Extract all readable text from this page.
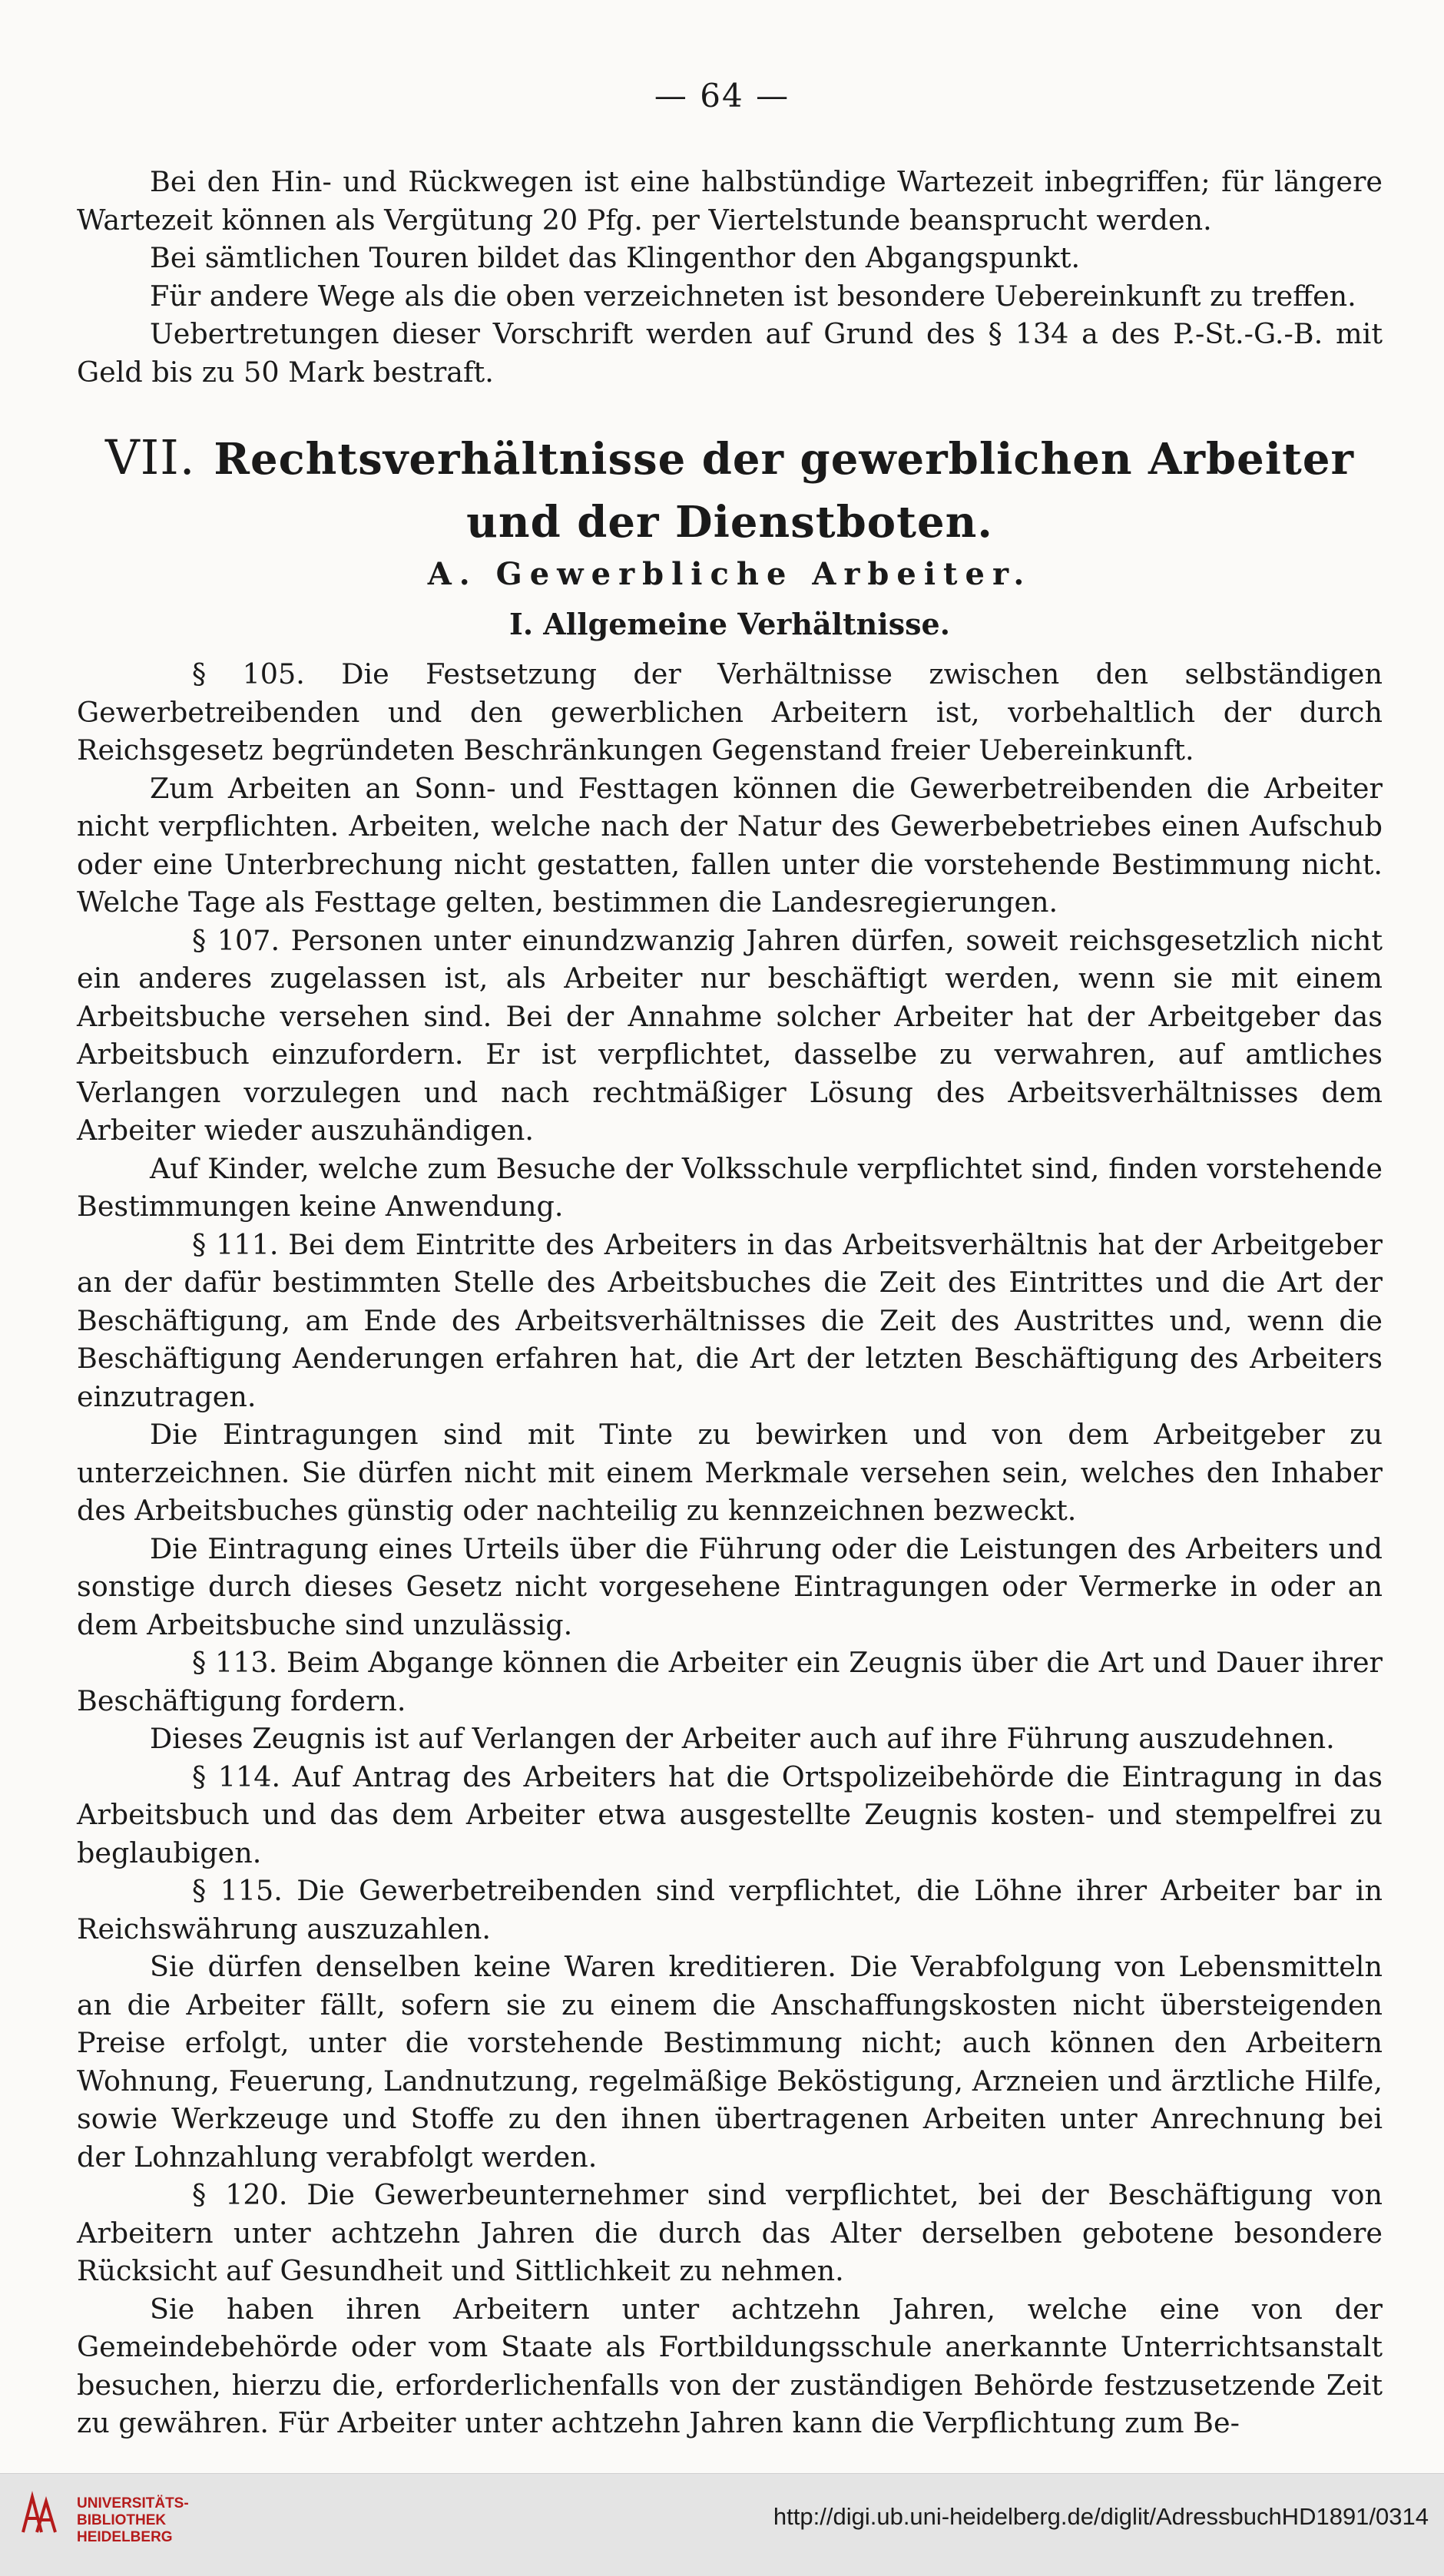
— 64 —

Bei den Hin- und Rückwegen ist eine halbstündige Wartezeit inbegriffen; für längere Wartezeit können als Vergütung 20 Pfg. per Viertelstunde beansprucht werden.

Bei sämtlichen Touren bildet das Klingenthor den Abgangspunkt.

Für andere Wege als die oben verzeichneten ist besondere Uebereinkunft zu treffen.

Uebertretungen dieser Vorschrift werden auf Grund des § 134 a des P.-St.-G.-B. mit Geld bis zu 50 Mark bestraft.

VII. Rechtsverhältnisse der gewerblichen Arbeiter und der Dienstboten.
A. Gewerbliche Arbeiter.
I. Allgemeine Verhältnisse.

§ 105. Die Festsetzung der Verhältnisse zwischen den selbständigen Gewerbetreibenden und den gewerblichen Arbeitern ist, vorbehaltlich der durch Reichsgesetz begründeten Beschränkungen Gegenstand freier Uebereinkunft.

Zum Arbeiten an Sonn- und Festtagen können die Gewerbetreibenden die Arbeiter nicht verpflichten. Arbeiten, welche nach der Natur des Gewerbebetriebes einen Aufschub oder eine Unterbrechung nicht gestatten, fallen unter die vorstehende Bestimmung nicht. Welche Tage als Festtage gelten, bestimmen die Landesregierungen.

§ 107. Personen unter einundzwanzig Jahren dürfen, soweit reichsgesetzlich nicht ein anderes zugelassen ist, als Arbeiter nur beschäftigt werden, wenn sie mit einem Arbeitsbuche versehen sind. Bei der Annahme solcher Arbeiter hat der Arbeitgeber das Arbeitsbuch einzufordern. Er ist verpflichtet, dasselbe zu verwahren, auf amtliches Verlangen vorzulegen und nach rechtmäßiger Lösung des Arbeitsverhältnisses dem Arbeiter wieder auszuhändigen.

Auf Kinder, welche zum Besuche der Volksschule verpflichtet sind, finden vorstehende Bestimmungen keine Anwendung.

§ 111. Bei dem Eintritte des Arbeiters in das Arbeitsverhältnis hat der Arbeitgeber an der dafür bestimmten Stelle des Arbeitsbuches die Zeit des Eintrittes und die Art der Beschäftigung, am Ende des Arbeitsverhältnisses die Zeit des Austrittes und, wenn die Beschäftigung Aenderungen erfahren hat, die Art der letzten Beschäftigung des Arbeiters einzutragen.

Die Eintragungen sind mit Tinte zu bewirken und von dem Arbeitgeber zu unterzeichnen. Sie dürfen nicht mit einem Merkmale versehen sein, welches den Inhaber des Arbeitsbuches günstig oder nachteilig zu kennzeichnen bezweckt.

Die Eintragung eines Urteils über die Führung oder die Leistungen des Arbeiters und sonstige durch dieses Gesetz nicht vorgesehene Eintragungen oder Vermerke in oder an dem Arbeitsbuche sind unzulässig.

§ 113. Beim Abgange können die Arbeiter ein Zeugnis über die Art und Dauer ihrer Beschäftigung fordern.

Dieses Zeugnis ist auf Verlangen der Arbeiter auch auf ihre Führung auszudehnen.

§ 114. Auf Antrag des Arbeiters hat die Ortspolizeibehörde die Eintragung in das Arbeitsbuch und das dem Arbeiter etwa ausgestellte Zeugnis kosten- und stempelfrei zu beglaubigen.

§ 115. Die Gewerbetreibenden sind verpflichtet, die Löhne ihrer Arbeiter bar in Reichswährung auszuzahlen.

Sie dürfen denselben keine Waren kreditieren. Die Verabfolgung von Lebensmitteln an die Arbeiter fällt, sofern sie zu einem die Anschaffungskosten nicht übersteigenden Preise erfolgt, unter die vorstehende Bestimmung nicht; auch können den Arbeitern Wohnung, Feuerung, Landnutzung, regelmäßige Beköstigung, Arzneien und ärztliche Hilfe, sowie Werkzeuge und Stoffe zu den ihnen übertragenen Arbeiten unter Anrechnung bei der Lohnzahlung verabfolgt werden.

§ 120. Die Gewerbeunternehmer sind verpflichtet, bei der Beschäftigung von Arbeitern unter achtzehn Jahren die durch das Alter derselben gebotene besondere Rücksicht auf Gesundheit und Sittlichkeit zu nehmen.

Sie haben ihren Arbeitern unter achtzehn Jahren, welche eine von der Gemeindebehörde oder vom Staate als Fortbildungsschule anerkannte Unterrichtsanstalt besuchen, hierzu die, erforderlichenfalls von der zuständigen Behörde festzusetzende Zeit zu gewähren. Für Arbeiter unter achtzehn Jahren kann die Verpflichtung zum Be-

UNIVERSITÄTS-
BIBLIOTHEK
HEIDELBERG
http://digi.ub.uni-heidelberg.de/diglit/AdressbuchHD1891/0314
